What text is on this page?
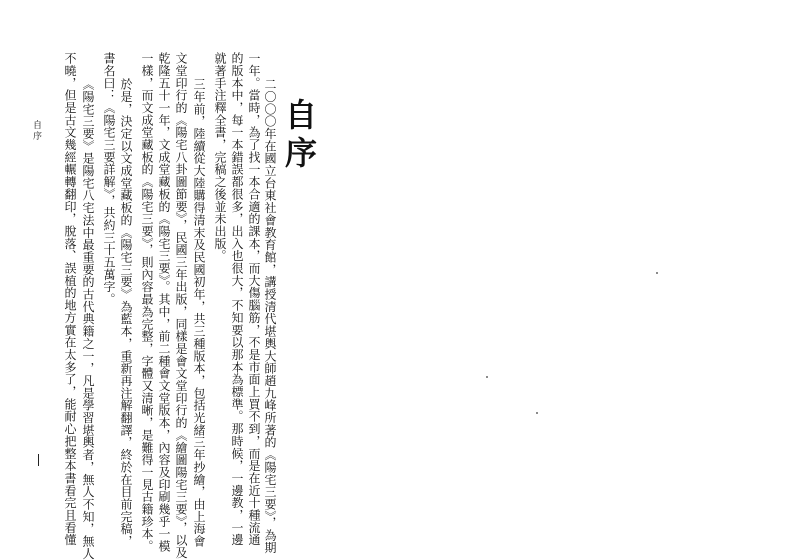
自序
二〇〇〇年在國立台東社會教育館，講授清代堪輿大師趙九峰所著的《陽宅三要》，為期
一年。當時，為了找一本合適的課本，而大傷腦筋，不是市面上買不到，而是在近十種流通
的版本中，每一本錯誤都很多，出入也很大，不知要以那本為標準。那時候，一邊教，一邊
就著手注釋全書，完稿之後並未出版。
三年前，陸續從大陸購得清末及民國初年，共三種版本，包括光緒三年抄繪，由上海會
文堂印行的《陽宅八卦圖節要》，民國三年出版，同樣是會文堂印行的《繪圖陽宅三要》，以及
乾隆五十一年，文成堂藏板的《陽宅三要》。其中，前二種會文堂版本，內容及印刷幾乎一模
一樣，而文成堂藏板的《陽宅三要》，則內容最為完整，字體又清晰，是難得一見古籍珍本。
於是，決定以文成堂藏板的《陽宅三要》為藍本，重新再注解翻譯，終於在目前完稿，
書名曰：《陽宅三要詳解》，共約三十五萬字。
《陽宅三要》是陽宅八宅法中最重要的古代典籍之一，凡是學習堪輿者，無人不知，無人
不曉，但是古文幾經輾轉翻印，脫落、誤植的地方實在太多了，能耐心把整本書看完且看懂
自序
